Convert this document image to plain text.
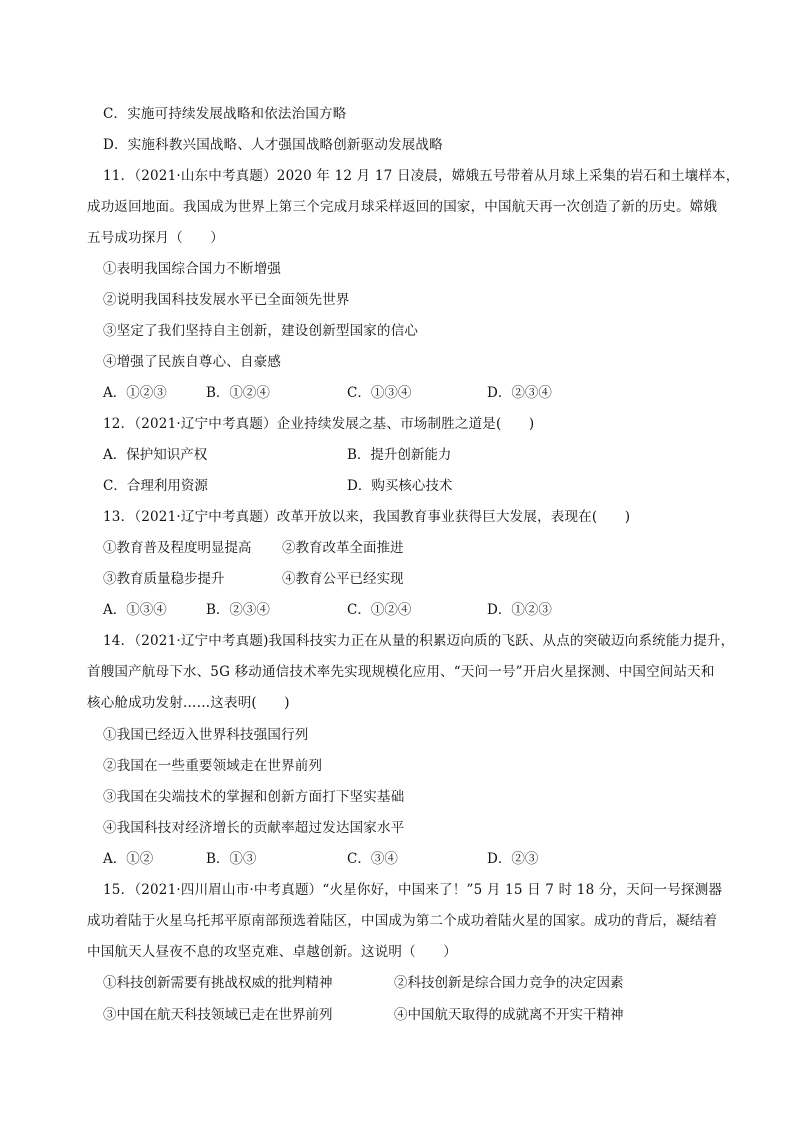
C．实施可持续发展战略和依法治国方略
D．实施科教兴国战略、人才强国战略创新驱动发展战略
11．（2021·山东中考真题）2020 年 12 月 17 日凌晨，嫦娥五号带着从月球上采集的岩石和土壤样本，
成功返回地面。我国成为世界上第三个完成月球采样返回的国家，中国航天再一次创造了新的历史。嫦娥
五号成功探月（　　）
①表明我国综合国力不断增强
②说明我国科技发展水平已全面领先世界
③坚定了我们坚持自主创新，建设创新型国家的信心
④增强了民族自尊心、自豪感
A．①②③	B．①②④	C．①③④	D．②③④
12．（2021·辽宁中考真题）企业持续发展之基、市场制胜之道是(　　)
A．保护知识产权	B．提升创新能力
C．合理利用资源	D．购买核心技术
13．（2021·辽宁中考真题）改革开放以来，我国教育事业获得巨大发展，表现在(　　)
①教育普及程度明显提高 ②教育改革全面推进
③教育质量稳步提升	④教育公平已经实现
A．①③④	B．②③④	C．①②④	D．①②③
14．（2021·辽宁中考真题)我国科技实力正在从量的积累迈向质的飞跃、从点的突破迈向系统能力提升，
首艘国产航母下水、5G 移动通信技术率先实现规模化应用、“天问一号”开启火星探测、中国空间站天和
核心舱成功发射……这表明(　　)
①我国已经迈入世界科技强国行列
②我国在一些重要领域走在世界前列
③我国在尖端技术的掌握和创新方面打下坚实基础
④我国科技对经济增长的贡献率超过发达国家水平
A．①②	B．①③	C．③④	D．②③
15．（2021·四川眉山市·中考真题）“火星你好，中国来了！”5 月 15 日 7 时 18 分，天问一号探测器
成功着陆于火星乌托邦平原南部预选着陆区，中国成为第二个成功着陆火星的国家。成功的背后，凝结着
中国航天人昼夜不息的攻坚克难、卓越创新。这说明（　　）
①科技创新需要有挑战权威的批判精神	②科技创新是综合国力竞争的决定因素
③中国在航天科技领域已走在世界前列	④中国航天取得的成就离不开实干精神
